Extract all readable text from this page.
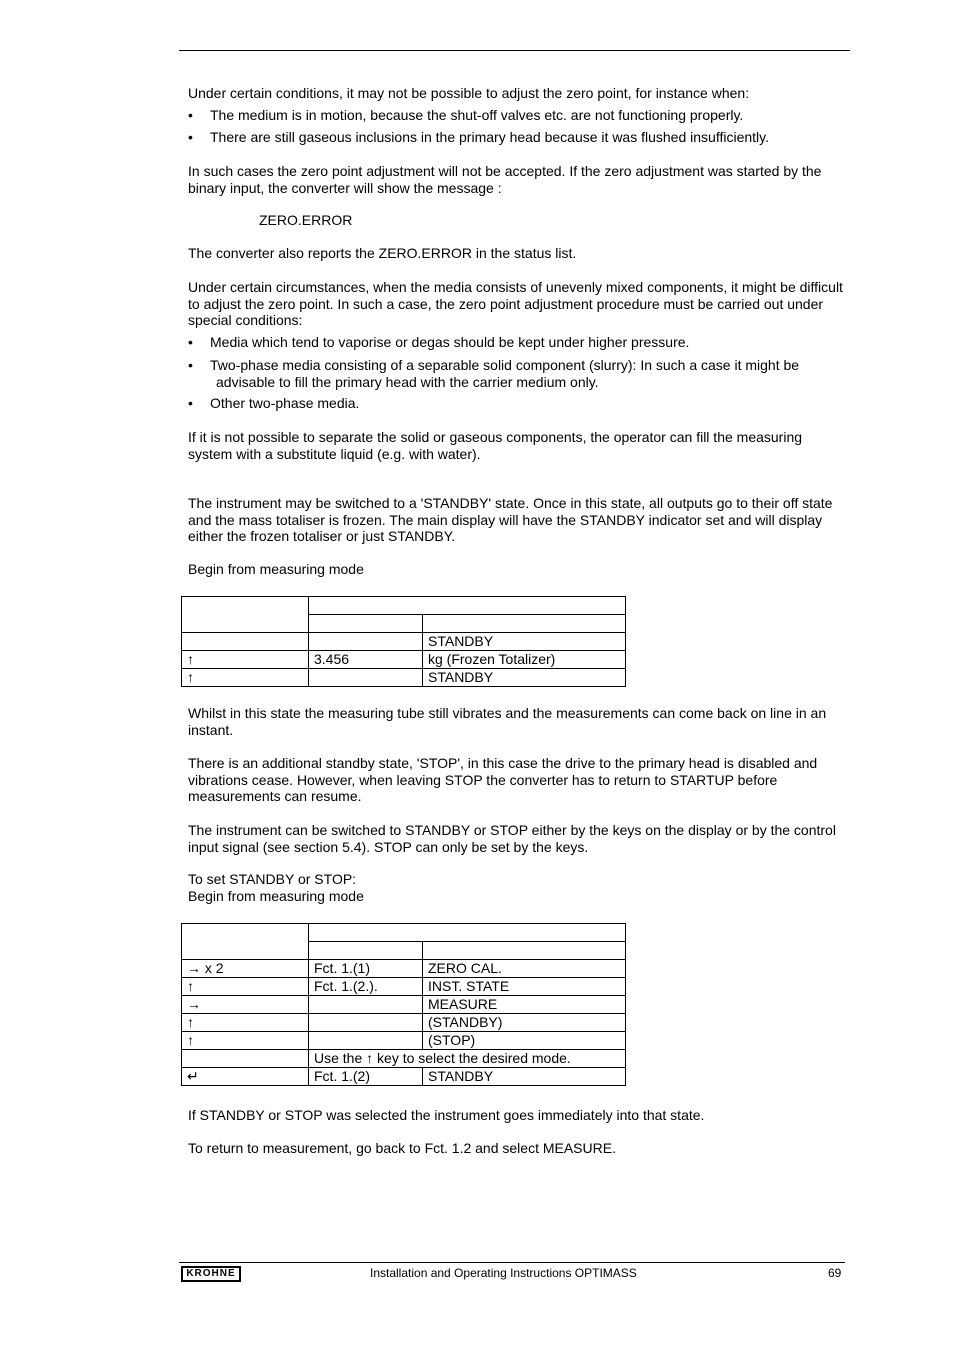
Under certain conditions, it may not be possible to adjust the zero point, for instance when:

• The medium is in motion, because the shut-off valves etc. are not functioning properly.
• There are still gaseous inclusions in the primary head because it was flushed insufficiently.

In such cases the zero point adjustment will not be accepted. If the zero adjustment was started by the binary input, the converter will show the message :

ZERO.ERROR

The converter also reports the ZERO.ERROR in the status list.

Under certain circumstances, when the media consists of unevenly mixed components, it might be difficult to adjust the zero point. In such a case, the zero point adjustment procedure must be carried out under special conditions:

• Media which tend to vaporise or degas should be kept under higher pressure.
• Two-phase media consisting of a separable solid component (slurry): In such a case it might be
advisable to fill the primary head with the carrier medium only.
• Other two-phase media.

If it is not possible to separate the solid or gaseous components, the operator can fill the measuring system with a substitute liquid (e.g. with water).

The instrument may be switched to a 'STANDBY' state. Once in this state, all outputs go to their off state and the mass totaliser is frozen. The main display will have the STANDBY indicator set and will display either the frozen totaliser or just STANDBY.

Begin from measuring mode

		STANDBY
↑	3.456	kg (Frozen Totalizer)
↑		STANDBY

Whilst in this state the measuring tube still vibrates and the measurements can come back on line in an instant.

There is an additional standby state, 'STOP', in this case the drive to the primary head is disabled and vibrations cease. However, when leaving STOP the converter has to return to STARTUP before measurements can resume.

The instrument can be switched to STANDBY or STOP either by the keys on the display or by the control input signal (see section 5.4). STOP can only be set by the keys.

To set STANDBY or STOP:

Begin from measuring mode

→ x 2	Fct. 1.(1)	ZERO CAL.
↑	Fct. 1.(2.).	INST. STATE
→		MEASURE
↑		(STANDBY)
↑		(STOP)
	Use the ↑ key to select the desired mode.	
↵	Fct. 1.(2)	STANDBY

If STANDBY or STOP was selected the instrument goes immediately into that state.

To return to measurement, go back to Fct. 1.2 and select MEASURE.

KROHNE	Installation and Operating Instructions OPTIMASS	69
